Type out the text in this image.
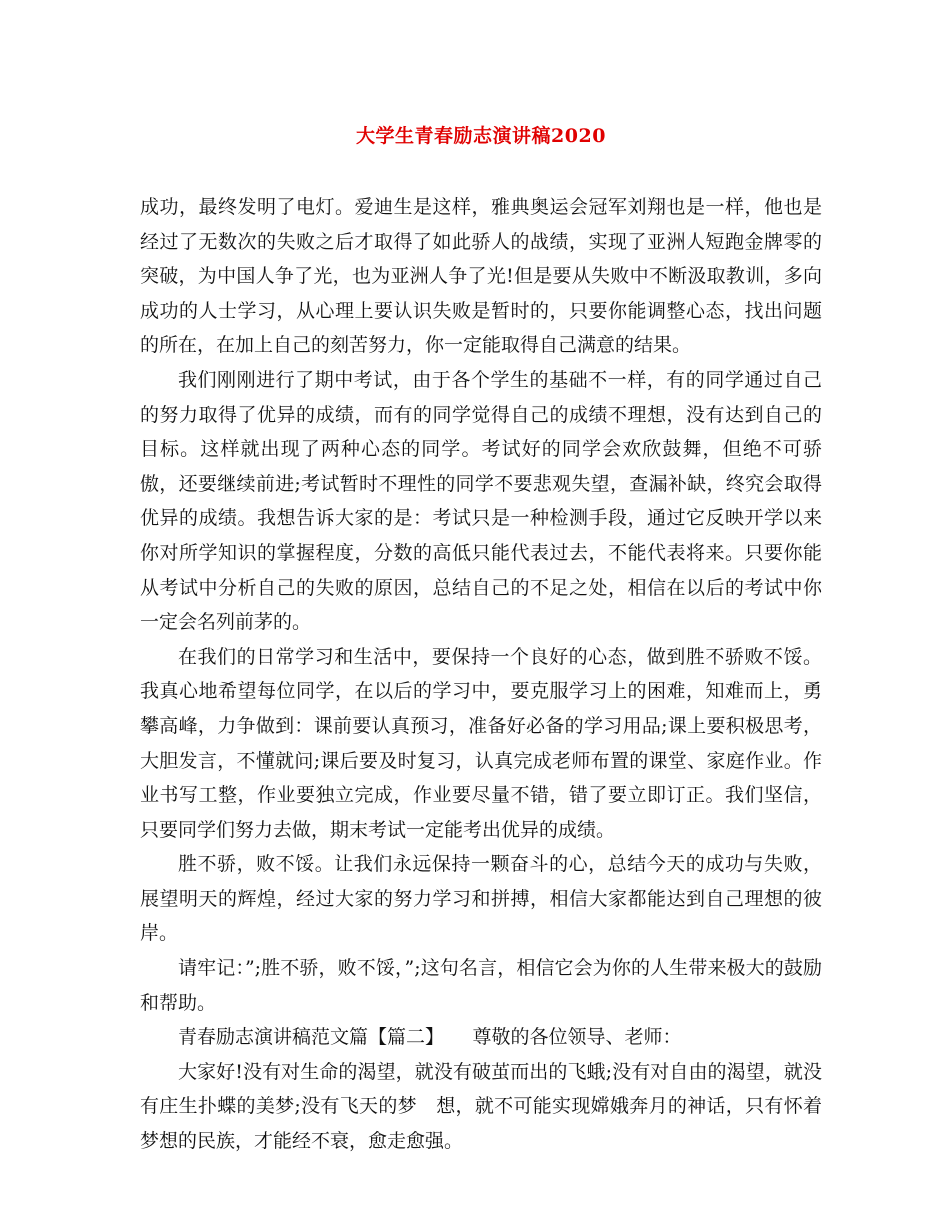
大学生青春励志演讲稿2020

成功，最终发明了电灯。爱迪生是这样，雅典奥运会冠军刘翔也是一样，他也是经过了无数次的失败之后才取得了如此骄人的战绩，实现了亚洲人短跑金牌零的突破，为中国人争了光，也为亚洲人争了光!但是要从失败中不断汲取教训，多向成功的人士学习，从心理上要认识失败是暂时的，只要你能调整心态，找出问题的所在，在加上自己的刻苦努力，你一定能取得自己满意的结果。

我们刚刚进行了期中考试，由于各个学生的基础不一样，有的同学通过自己的努力取得了优异的成绩，而有的同学觉得自己的成绩不理想，没有达到自己的目标。这样就出现了两种心态的同学。考试好的同学会欢欣鼓舞，但绝不可骄傲，还要继续前进;考试暂时不理性的同学不要悲观失望，查漏补缺，终究会取得优异的成绩。我想告诉大家的是：考试只是一种检测手段，通过它反映开学以来你对所学知识的掌握程度，分数的高低只能代表过去，不能代表将来。只要你能从考试中分析自己的失败的原因，总结自己的不足之处，相信在以后的考试中你一定会名列前茅的。

在我们的日常学习和生活中，要保持一个良好的心态，做到胜不骄败不馁。我真心地希望每位同学，在以后的学习中，要克服学习上的困难，知难而上，勇攀高峰，力争做到：课前要认真预习，准备好必备的学习用品;课上要积极思考，大胆发言，不懂就问;课后要及时复习，认真完成老师布置的课堂、家庭作业。作业书写工整，作业要独立完成，作业要尽量不错，错了要立即订正。我们坚信，只要同学们努力去做，期末考试一定能考出优异的成绩。

胜不骄，败不馁。让我们永远保持一颗奋斗的心，总结今天的成功与失败，展望明天的辉煌，经过大家的努力学习和拼搏，相信大家都能达到自己理想的彼岸。

请牢记：”;胜不骄，败不馁，”;这句名言，相信它会为你的人生带来极大的鼓励和帮助。

青春励志演讲稿范文篇【篇二】　　尊敬的各位领导、老师：

大家好!没有对生命的渴望，就没有破茧而出的飞蛾;没有对自由的渴望，就没有庄生扑蝶的美梦;没有飞天的梦　想，就不可能实现嫦娥奔月的神话，只有怀着梦想的民族，才能经不衰，愈走愈强。
